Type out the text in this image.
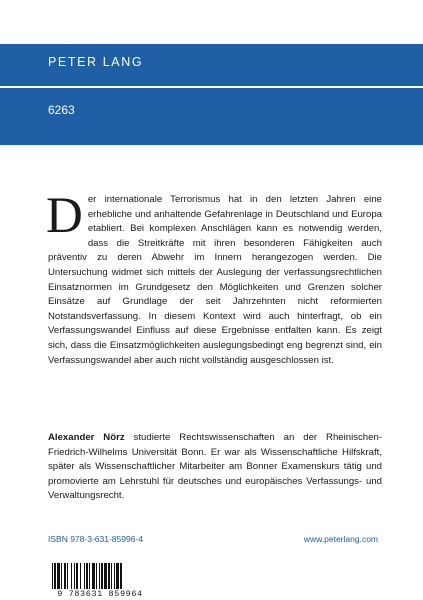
PETER LANG
6263
D er internationale Terrorismus hat in den letzten Jahren eine erhebliche und anhaltende Gefahrenlage in Deutschland und Europa etabliert. Bei komplexen Anschlägen kann es notwendig werden, dass die Streitkräfte mit ihren besonderen Fähigkeiten auch präventiv zu deren Abwehr im Innern herangezogen werden. Die Untersuchung widmet sich mittels der Auslegung der verfassungsrechtlichen Einsatznormen im Grundgesetz den Möglichkeiten und Grenzen solcher Einsätze auf Grundlage der seit Jahrzehnten nicht reformierten Notstandsverfassung. In diesem Kontext wird auch hinterfragt, ob ein Verfassungswandel Einfluss auf diese Ergebnisse entfalten kann. Es zeigt sich, dass die Einsatzmöglichkeiten auslegungsbedingt eng begrenzt sind, ein Verfassungswandel aber auch nicht vollständig ausgeschlossen ist.
Alexander Nörz studierte Rechtswissenschaften an der Rheinischen-Friedrich-Wilhelms Universität Bonn. Er war als Wissenschaftliche Hilfskraft, später als Wissenschaftlicher Mitarbeiter am Bonner Examenskurs tätig und promovierte am Lehrstuhl für deutsches und europäisches Verfassungs- und Verwaltungsrecht.
ISBN 978-3-631-85996-4	www.peterlang.com
9 783631 859964
